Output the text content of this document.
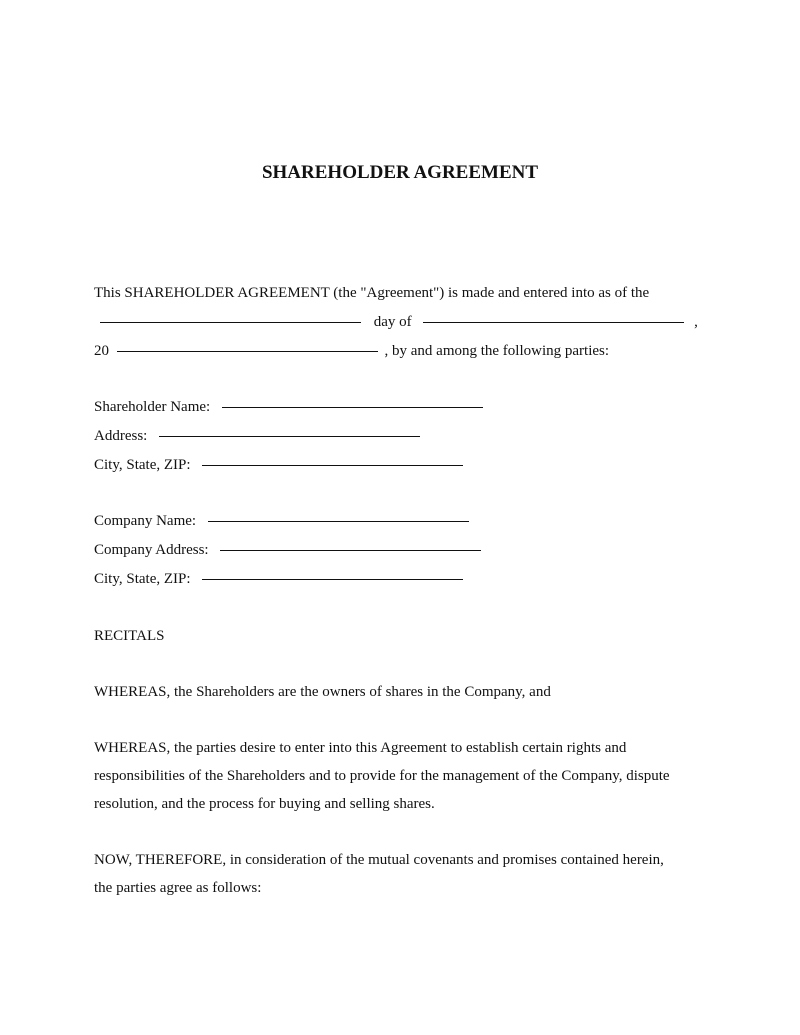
SHAREHOLDER AGREEMENT
This SHAREHOLDER AGREEMENT (the "Agreement") is made and entered into as of the
day of	,
20	, by and among the following parties:
Shareholder Name:
Address:
City, State, ZIP:
Company Name:
Company Address:
City, State, ZIP:
RECITALS
WHEREAS, the Shareholders are the owners of shares in the Company, and
WHEREAS, the parties desire to enter into this Agreement to establish certain rights and
responsibilities of the Shareholders and to provide for the management of the Company, dispute
resolution, and the process for buying and selling shares.
NOW, THEREFORE, in consideration of the mutual covenants and promises contained herein,
the parties agree as follows:
